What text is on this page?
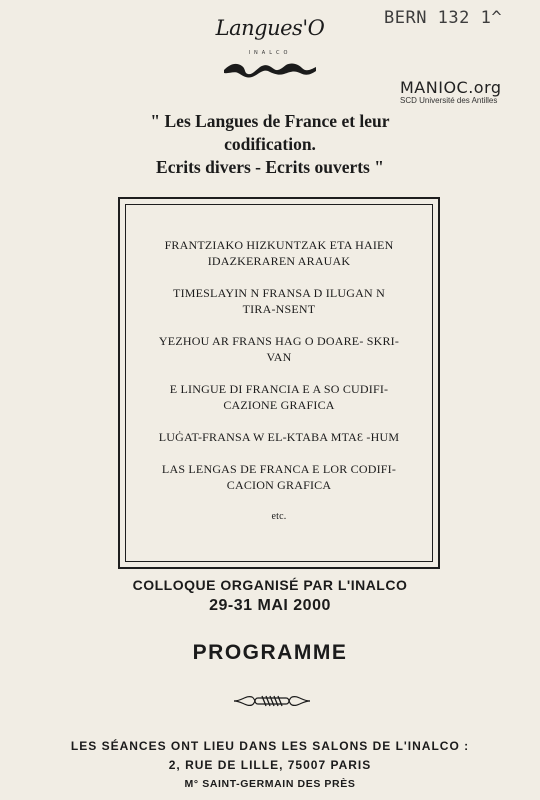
Langues'O
INALCO
BERN 132 1^
MANIOC.org
SCD Université des Antilles
" Les Langues de France et leur
codification.
Ecrits divers - Ecrits ouverts "
FRANTZIAKO HIZKUNTZAK ETA HAIEN
IDAZKERAREN ARAUAK
TIMESLAYIN N FRANSA D ILUGAN N
TIRA-NSENT
YEZHOU AR FRANS HAG O DOARE- SKRI-
VAN
E LINGUE DI FRANCIA E A SO CUDIFI-
CAZIONE GRAFICA
LUĠAT-FRANSA W EL-KTABA MTAƐ -HUM
LAS LENGAS DE FRANCA E LOR CODIFI-
CACION GRAFICA
etc.
COLLOQUE ORGANISÉ PAR L'INALCO
29-31 MAI 2000
PROGRAMME
LES SÉANCES ONT LIEU DANS LES SALONS DE L'INALCO :
2, RUE DE LILLE, 75007 PARIS
M° SAINT-GERMAIN DES PRÈS
